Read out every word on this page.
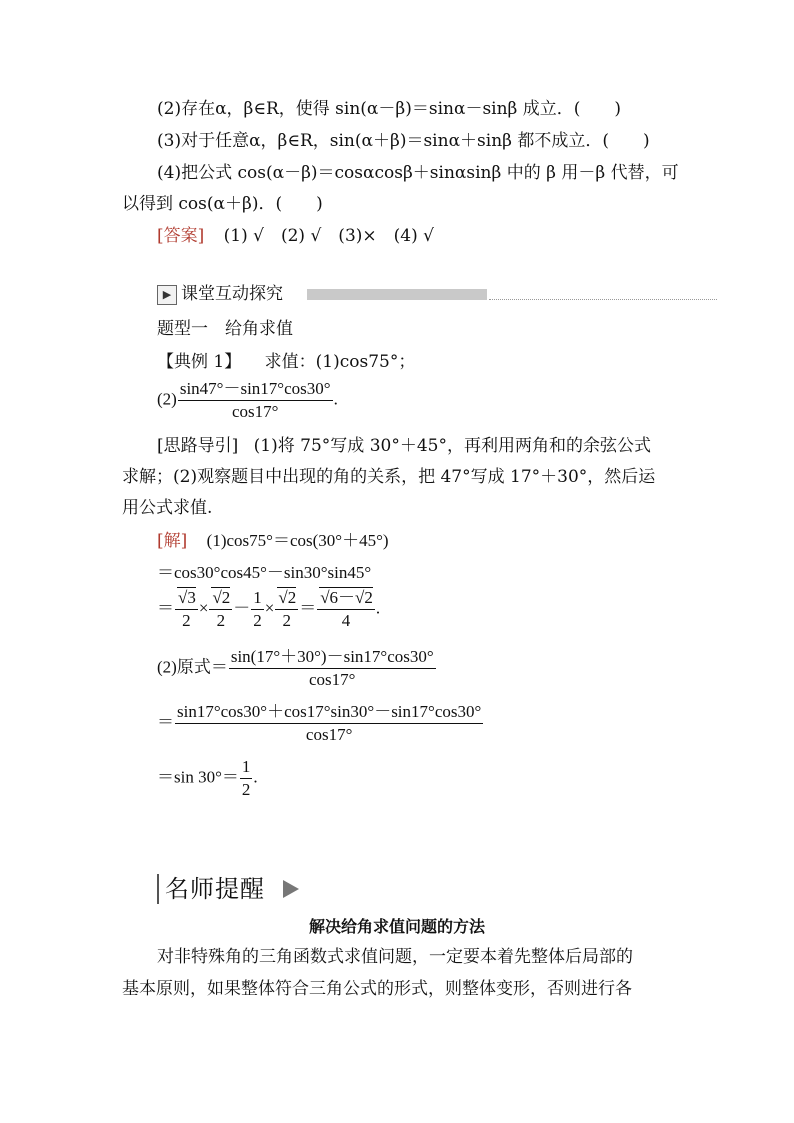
(2)存在α，β∈R，使得 sin(α－β)＝sinα－sinβ 成立．(　　)
(3)对于任意α，β∈R，sin(α＋β)＝sinα＋sinβ 都不成立．(　　)
(4)把公式 cos(α－β)＝cosαcosβ＋sinαsinβ 中的 β 用－β 代替，可
以得到 cos(α＋β)．(　　)
[答案] (1) √　(2) √　(3)×　(4) √
▶ 课堂互动探究
题型一　给角求值
【典例 1】 求值：(1)cos75°；
$(2) \frac{\sin 47^\circ-\sin 17^\circ\cos 30^\circ}{\cos 17^\circ}$ .
[思路导引] (1)将 75°写成 30°＋45°，再利用两角和的余弦公式
求解；(2)观察题目中出现的角的关系，把 47°写成 17°＋30°，然后运
用公式求值.
[解] (1)cos75°＝cos(30°＋45°)
＝cos30°cos45°－sin30°sin45°
＝ $\frac{√3}{2} \times \frac{√2}{2} - \frac{1}{2} \times \frac{√2}{2} = \frac{√6-√2}{4}$ .
(2)原式＝ $\frac{\sin(17^\circ+30^\circ)-\sin 17^\circ\cos 30^\circ}{\cos 17^\circ}$
＝ $\frac{\sin 17^\circ\cos 30^\circ+\cos 17^\circ\sin 30^\circ-\sin 17^\circ\cos 30^\circ}{\cos 17^\circ}$
＝sin $30^\circ= \frac{1}{2}$ .
名师提醒
解决给角求值问题的方法
对非特殊角的三角函数式求值问题，一定要本着先整体后局部的
基本原则，如果整体符合三角公式的形式，则整体变形，否则进行各
